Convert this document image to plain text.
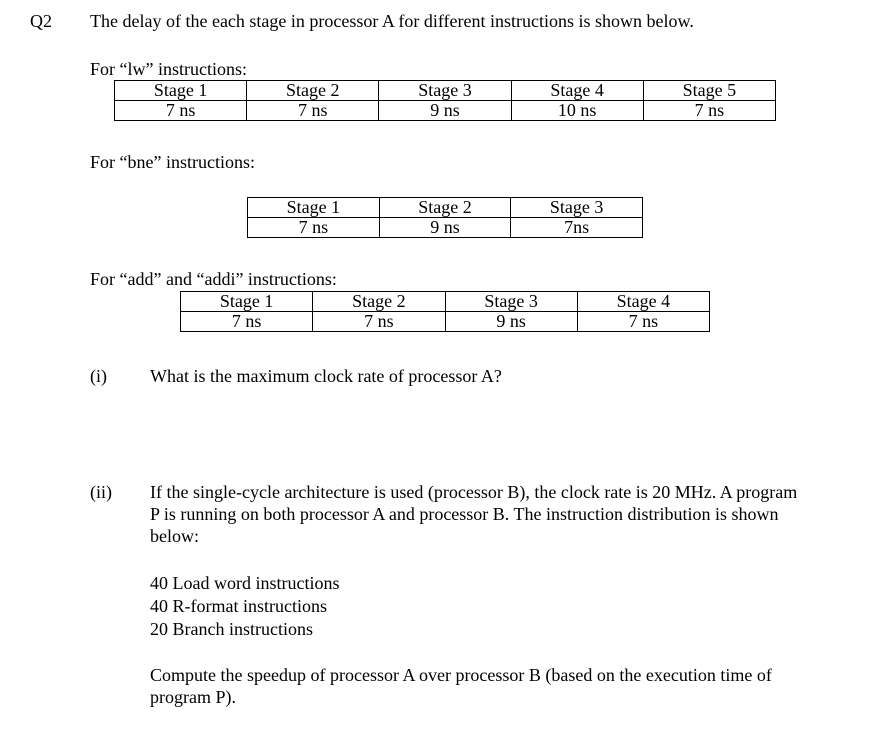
Q2 The delay of the each stage in processor A for different instructions is shown below.
For “lw” instructions:
Stage 1	Stage 2	Stage 3	Stage 4	Stage 5
7 ns	7 ns	9 ns	10 ns	7 ns
For “bne” instructions:
Stage 1	Stage 2	Stage 3
7 ns	9 ns	7ns
For “add” and “addi” instructions:
Stage 1	Stage 2	Stage 3	Stage 4
7 ns	7 ns	9 ns	7 ns
(i) What is the maximum clock rate of processor A?
(ii) If the single-cycle architecture is used (processor B), the clock rate is 20 MHz. A program
P is running on both processor A and processor B. The instruction distribution is shown
below:
40 Load word instructions
40 R-format instructions
20 Branch instructions
Compute the speedup of processor A over processor B (based on the execution time of
program P).
